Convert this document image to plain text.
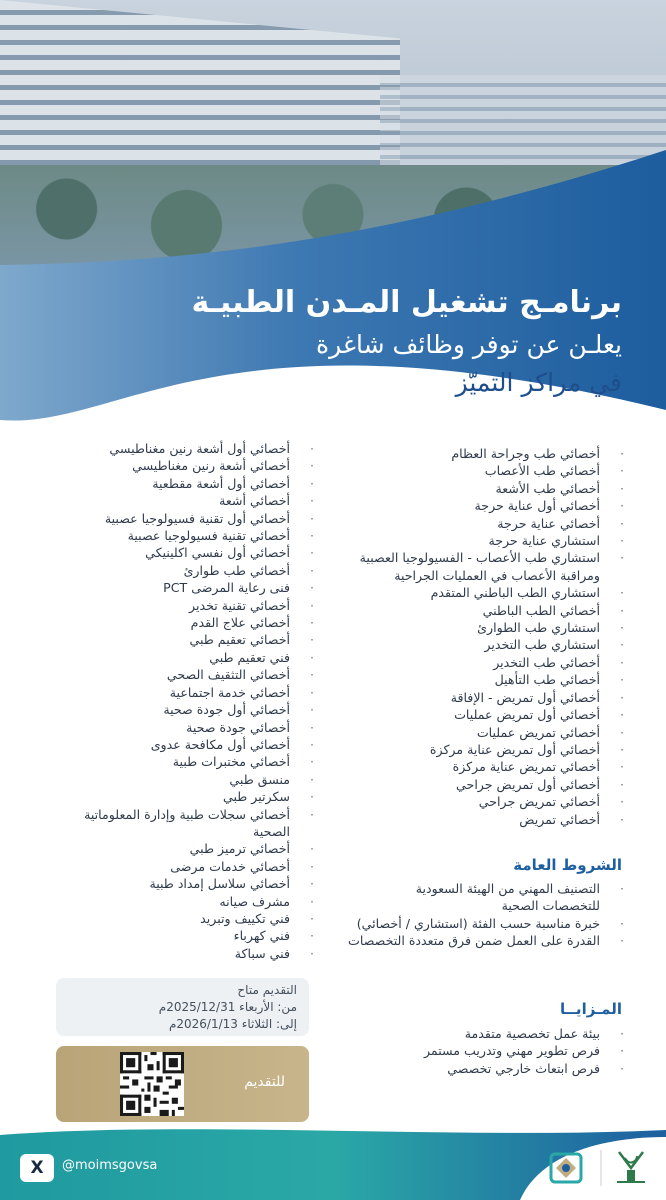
برنامـج تشغيل المـدن الطبيـة
يعلـن عن توفر وظائف شاغرة
في مراكز التميّز
· أخصائي طب وجراحة العظام
· أخصائي طب الأعصاب
· أخصائي طب الأشعة
· أخصائي أول عناية حرجة
· أخصائي عناية حرجة
· استشاري عناية حرجة
· استشاري طب الأعصاب - الفسيولوجيا العصبية
ومراقبة الأعصاب في العمليات الجراحية
· استشاري الطب الباطني المتقدم
· أخصائي الطب الباطني
· استشاري طب الطوارئ
· استشاري طب التخدير
· أخصائي طب التخدير
· أخصائي طب التأهيل
· أخصائي أول تمريض - الإفاقة
· أخصائي أول تمريض عمليات
· أخصائي تمريض عمليات
· أخصائي أول تمريض عناية مركزة
· أخصائي تمريض عناية مركزة
· أخصائي أول تمريض جراحي
· أخصائي تمريض جراحي
· أخصائي تمريض
· أخصائي أول أشعة رنين مغناطيسي
· أخصائي أشعة رنين مغناطيسي
· أخصائي أول أشعة مقطعية
· أخصائي أشعة
· أخصائي أول تقنية فسيولوجيا عصبية
· أخصائي تقنية فسيولوجيا عصبية
· أخصائي أول نفسي اكلينيكي
· أخصائي طب طوارئ
· فنى رعاية المرضى PCT
· أخصائي تقنية تخدير
· أخصائي علاج القدم
· أخصائي تعقيم طبي
· فني تعقيم طبي
· أخصائي التثقيف الصحي
· أخصائي خدمة اجتماعية
· أخصائي أول جودة صحية
· أخصائي جودة صحية
· أخصائي أول مكافحة عدوى
· أخصائي مختبرات طبية
· منسق طبي
· سكرتير طبي
· أخصائي سجلات طبية وإدارة المعلوماتية
الصحية
· أخصائي ترميز طبي
· أخصائي خدمات مرضى
· أخصائي سلاسل إمداد طبية
· مشرف صيانه
· فني تكييف وتبريد
· فني كهرباء
· فني سباكة
الشروط العامة
· التصنيف المهني من الهيئة السعودية
للتخصصات الصحية
· خبرة مناسبة حسب الفئة (استشاري / أخصائي)
· القدرة على العمل ضمن فرق متعددة التخصصات
المـزايــا
· بيئة عمل تخصصية متقدمة
· فرص تطوير مهني وتدريب مستمر
· فرص ابتعاث خارجي تخصصي
التقديم متاح
من: الأربعاء 2025/12/31م
إلى: الثلاثاء 2026/1/13م
للتقديم
X	@moimsgovsa
